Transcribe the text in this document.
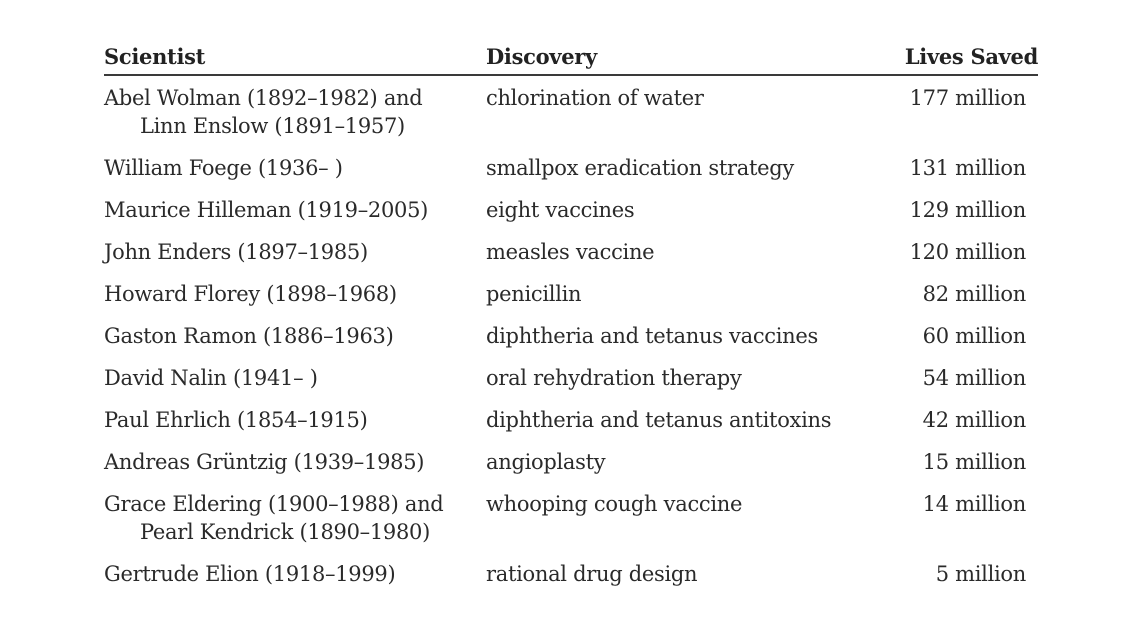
Scientist	Discovery	Lives Saved
Abel Wolman (1892–1982) and
Linn Enslow (1891–1957)	chlorination of water	177 million
William Foege (1936– )	smallpox eradication strategy	131 million
Maurice Hilleman (1919–2005)	eight vaccines	129 million
John Enders (1897–1985)	measles vaccine	120 million
Howard Florey (1898–1968)	penicillin	82 million
Gaston Ramon (1886–1963)	diphtheria and tetanus vaccines	60 million
David Nalin (1941– )	oral rehydration therapy	54 million
Paul Ehrlich (1854–1915)	diphtheria and tetanus antitoxins	42 million
Andreas Grüntzig (1939–1985)	angioplasty	15 million
Grace Eldering (1900–1988) and
Pearl Kendrick (1890–1980)	whooping cough vaccine	14 million
Gertrude Elion (1918–1999)	rational drug design	5 million
